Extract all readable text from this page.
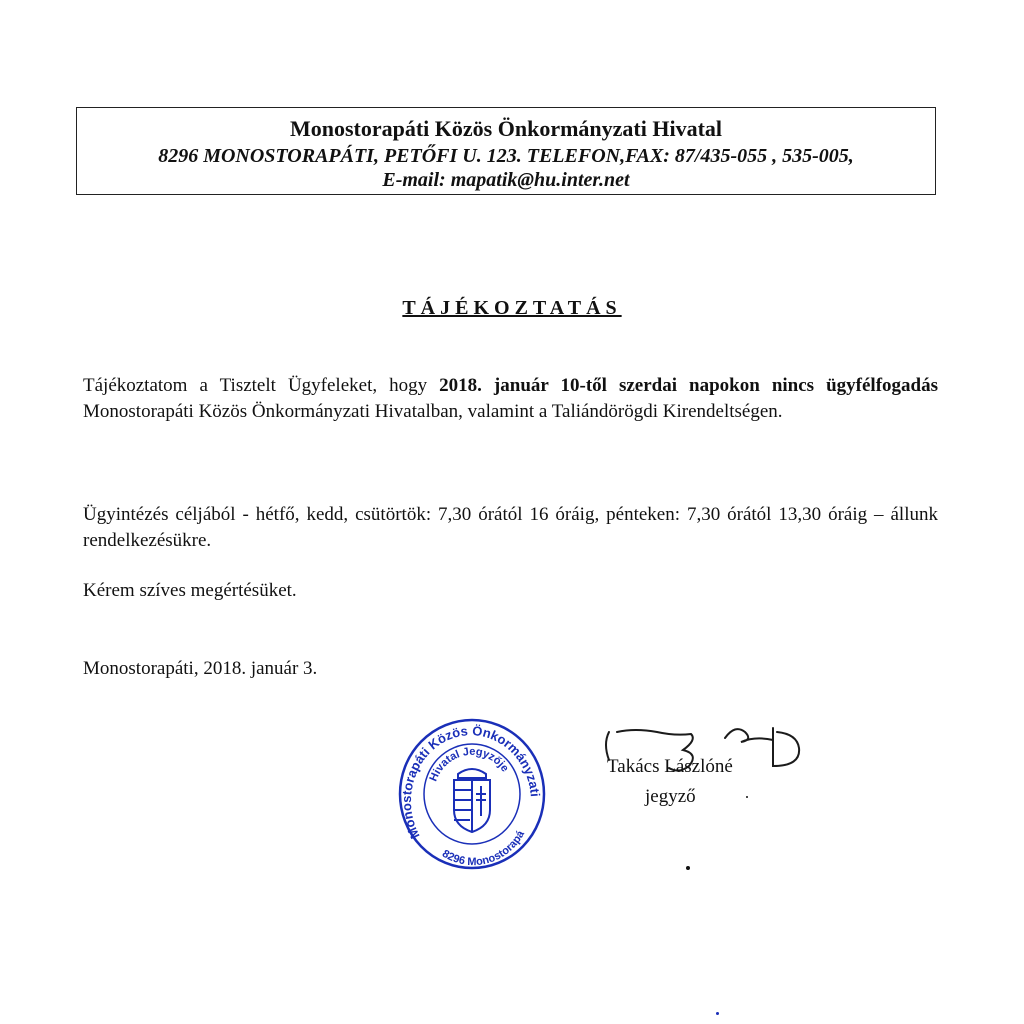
Monostorapáti Közös Önkormányzati Hivatal
8296 MONOSTORAPÁTI, PETŐFI U. 123. TELEFON,FAX: 87/435-055 , 535-005,
E-mail: mapatik@hu.inter.net
TÁJÉKOZTATÁS
Tájékoztatom a Tisztelt Ügyfeleket, hogy 2018. január 10-től szerdai napokon nincs ügyfélfogadás Monostorapáti Közös Önkormányzati Hivatalban, valamint a Taliándörögdi Kirendeltségen.
Ügyintézés céljából - hétfő, kedd, csütörtök: 7,30 órától 16 óráig, pénteken: 7,30 órától 13,30 óráig – állunk rendelkezésükre.
Kérem szíves megértésüket.
Monostorapáti, 2018. január 3.
Monostorapáti Közös Önkormányzati
Hivatal Jegyzője
8296 Monostorapá
Takács Lászlóné
jegyző
